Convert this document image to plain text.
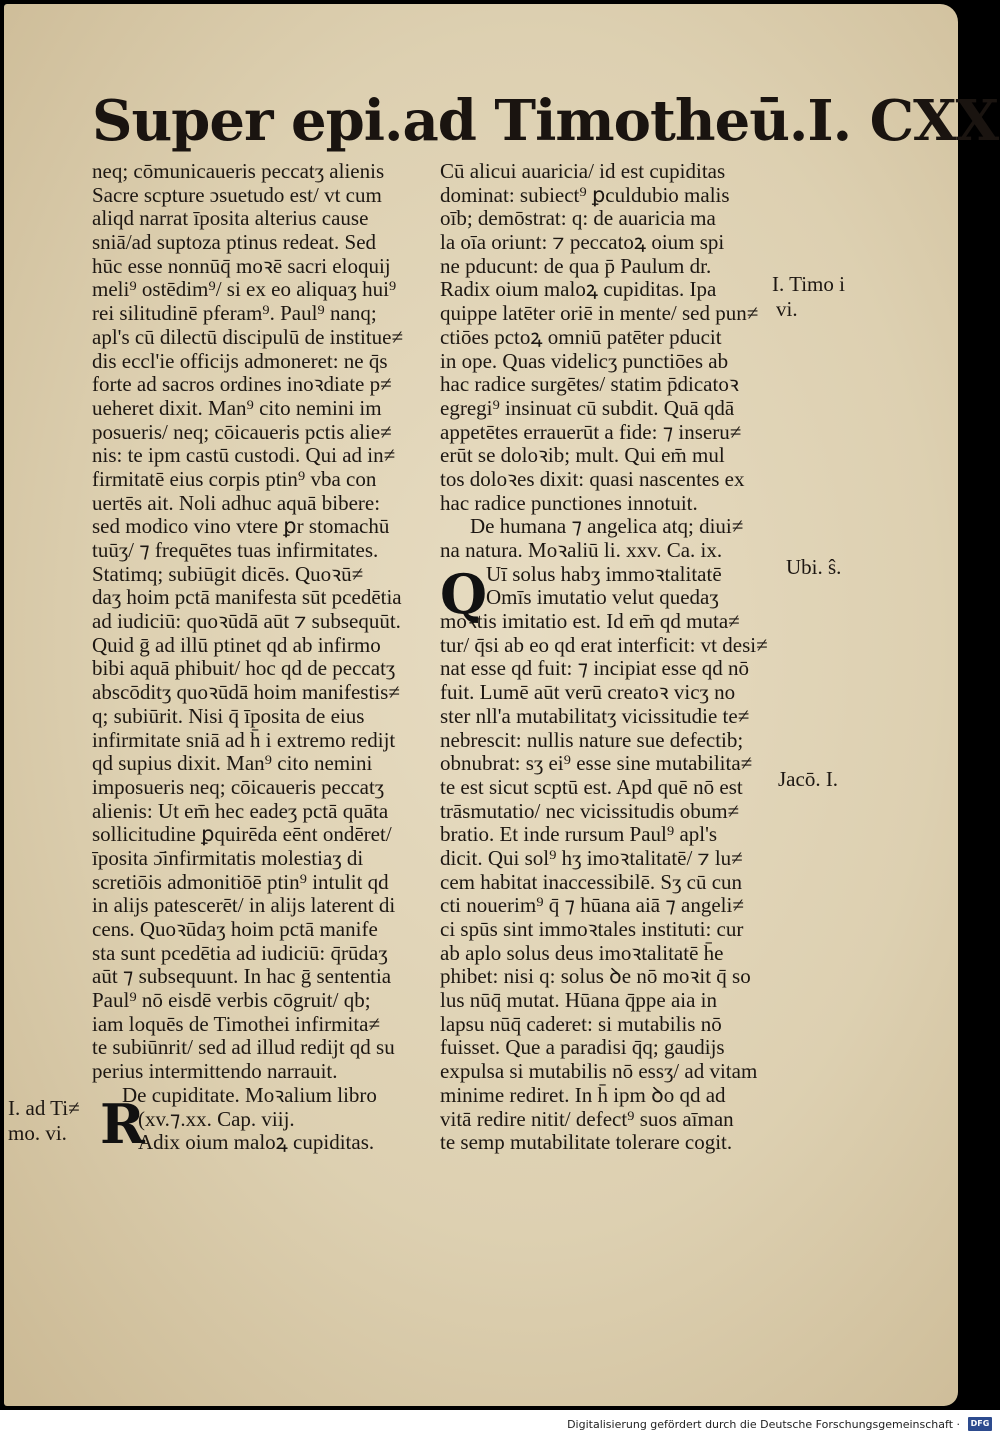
Super epi.ad Timotheū.I. CXX
neq; cōmunicaueris peccatʒ alienis
Sacre scpture ɔsuetudo est/ vt cum
aliqd narrat īposita alterius cause
sniā/ad suptoza ptinus redeat. Sed
hūc esse nonnūq̄ moꝛē sacri eloquij
meli⁹ ostēdim⁹/ si ex eo aliquaʒ hui⁹
rei silitudinē pferam⁹. Paul⁹ nanq;
apl's cū dilectū discipulū de institue≠
dis eccl'ie officijs admoneret: ne q̄s
forte ad sacros ordines inoꝛdiate p≠
ueheret dixit. Man⁹ cito nemini im
posueris/ neq; cōicaueris pctis alie≠
nis: te ipm castū custodi. Qui ad in≠
firmitatē eius corpis ptin⁹ vba con
uertēs ait. Noli adhuc aquā bibere:
sed modico vino vtere ꝑr stomachū
tuūʒ/ ⁊ frequētes tuas infirmitates.
Statimq; subiūgit dicēs. Quoꝛū≠
daʒ hoim pctā manifesta sūt pcedētia
ad iudiciū: quoꝛūdā aūt ⁊ subsequūt.
Quid ḡ ad illū ptinet qd ab infirmo
bibi aquā phibuit/ hoc qd de peccatʒ
abscōditʒ quoꝛūdā hoim manifestis≠
q; subiūrit. Nisi q̄ īposita de eius
infirmitate sniā ad h̄ i extremo redijt
qd supius dixit. Man⁹ cito nemini
imposueris neq; cōicaueris peccatʒ
alienis: Ut em̄ hec eadeʒ pctā quāta
sollicitudine ꝑquirēda eēnt ondēret/
īposita ɔ̄infirmitatis molestiaʒ di
scretiōis admonitiōē ptin⁹ intulit qd
in alijs patescerēt/ in alijs laterent di
cens. Quoꝛūdaʒ hoim pctā manife
sta sunt pcedētia ad iudiciū: q̄rūdaʒ
aūt ⁊ subsequunt. In hac ḡ sententia
Paul⁹ nō eisdē verbis cōgruit/ qb;
iam loquēs de Timothei infirmita≠
te subiūnrit/ sed ad illud redijt qd su
perius intermittendo narrauit.
De cupiditate. Moꝛalium libro
(xv.⁊.xx. Cap. viij.
Adix oium maloꝝ cupiditas.
Cū alicui auaricia/ id est cupiditas
dominat: subiect⁹ ꝑculdubio malis
oīb; demōstrat: q: de auaricia ma
la oīa oriunt: ⁊ peccatoꝝ oium spi
ne pducunt: de qua p̄ Paulum dr.
Radix oium maloꝝ cupiditas. Ipa
quippe latēter oriē in mente/ sed pun≠
ctiōes pctoꝝ omniū patēter pducit
in ope. Quas videlicʒ punctiōes ab
hac radice surgētes/ statim p̄dicatoꝛ
egregi⁹ insinuat cū subdit. Quā qdā
appetētes errauerūt a fide: ⁊ inseru≠
erūt se doloꝛib; mult. Qui em̄ mul
tos doloꝛes dixit: quasi nascentes ex
hac radice punctiones innotuit.
De humana ⁊ angelica atq; diui≠
na natura. Moꝛaliū li. xxv. Ca. ix.
Uī solus habʒ immoꝛtalitatē
Omīs imutatio velut quedaʒ
moꝛtis imitatio est. Id em̄ qd muta≠
tur/ q̄si ab eo qd erat interficit: vt desi≠
nat esse qd fuit: ⁊ incipiat esse qd nō
fuit. Lumē aūt verū creatoꝛ vicʒ no
ster nll'a mutabilitatʒ vicissitudie te≠
nebrescit: nullis nature sue defectib;
obnubrat: sʒ ei⁹ esse sine mutabilita≠
te est sicut scptū est. Apd quē nō est
trāsmutatio/ nec vicissitudis obum≠
bratio. Et inde rursum Paul⁹ apl's
dicit. Qui sol⁹ hʒ imoꝛtalitatē/ ⁊ lu≠
cem habitat inaccessibilē. Sʒ cū cun
cti nouerim⁹ q̄ ⁊ hūana aiā ⁊ angeli≠
ci spūs sint immoꝛtales instituti: cur
ab aplo solus deus imoꝛtalitatē h̄e
phibet: nisi q: solus ꝺe nō moꝛit q̄ so
lus nūq̄ mutat. Hūana q̄ppe aia in
lapsu nūq̄ caderet: si mutabilis nō
fuisset. Que a paradisi q̄q; gaudijs
expulsa si mutabilis nō essʒ/ ad vitam
minime rediret. In h̄ ipm ꝺo qd ad
vitā redire nitit/ defect⁹ suos aīman
te semp mutabilitate tolerare cogit.
Q
R
I. Timo i
vi.
Ubi. ŝ.
Jacō. I.
I. ad Ti≠
mo. vi.
Digitalisierung gefördert durch die Deutsche Forschungsgemeinschaft ·	DFG
